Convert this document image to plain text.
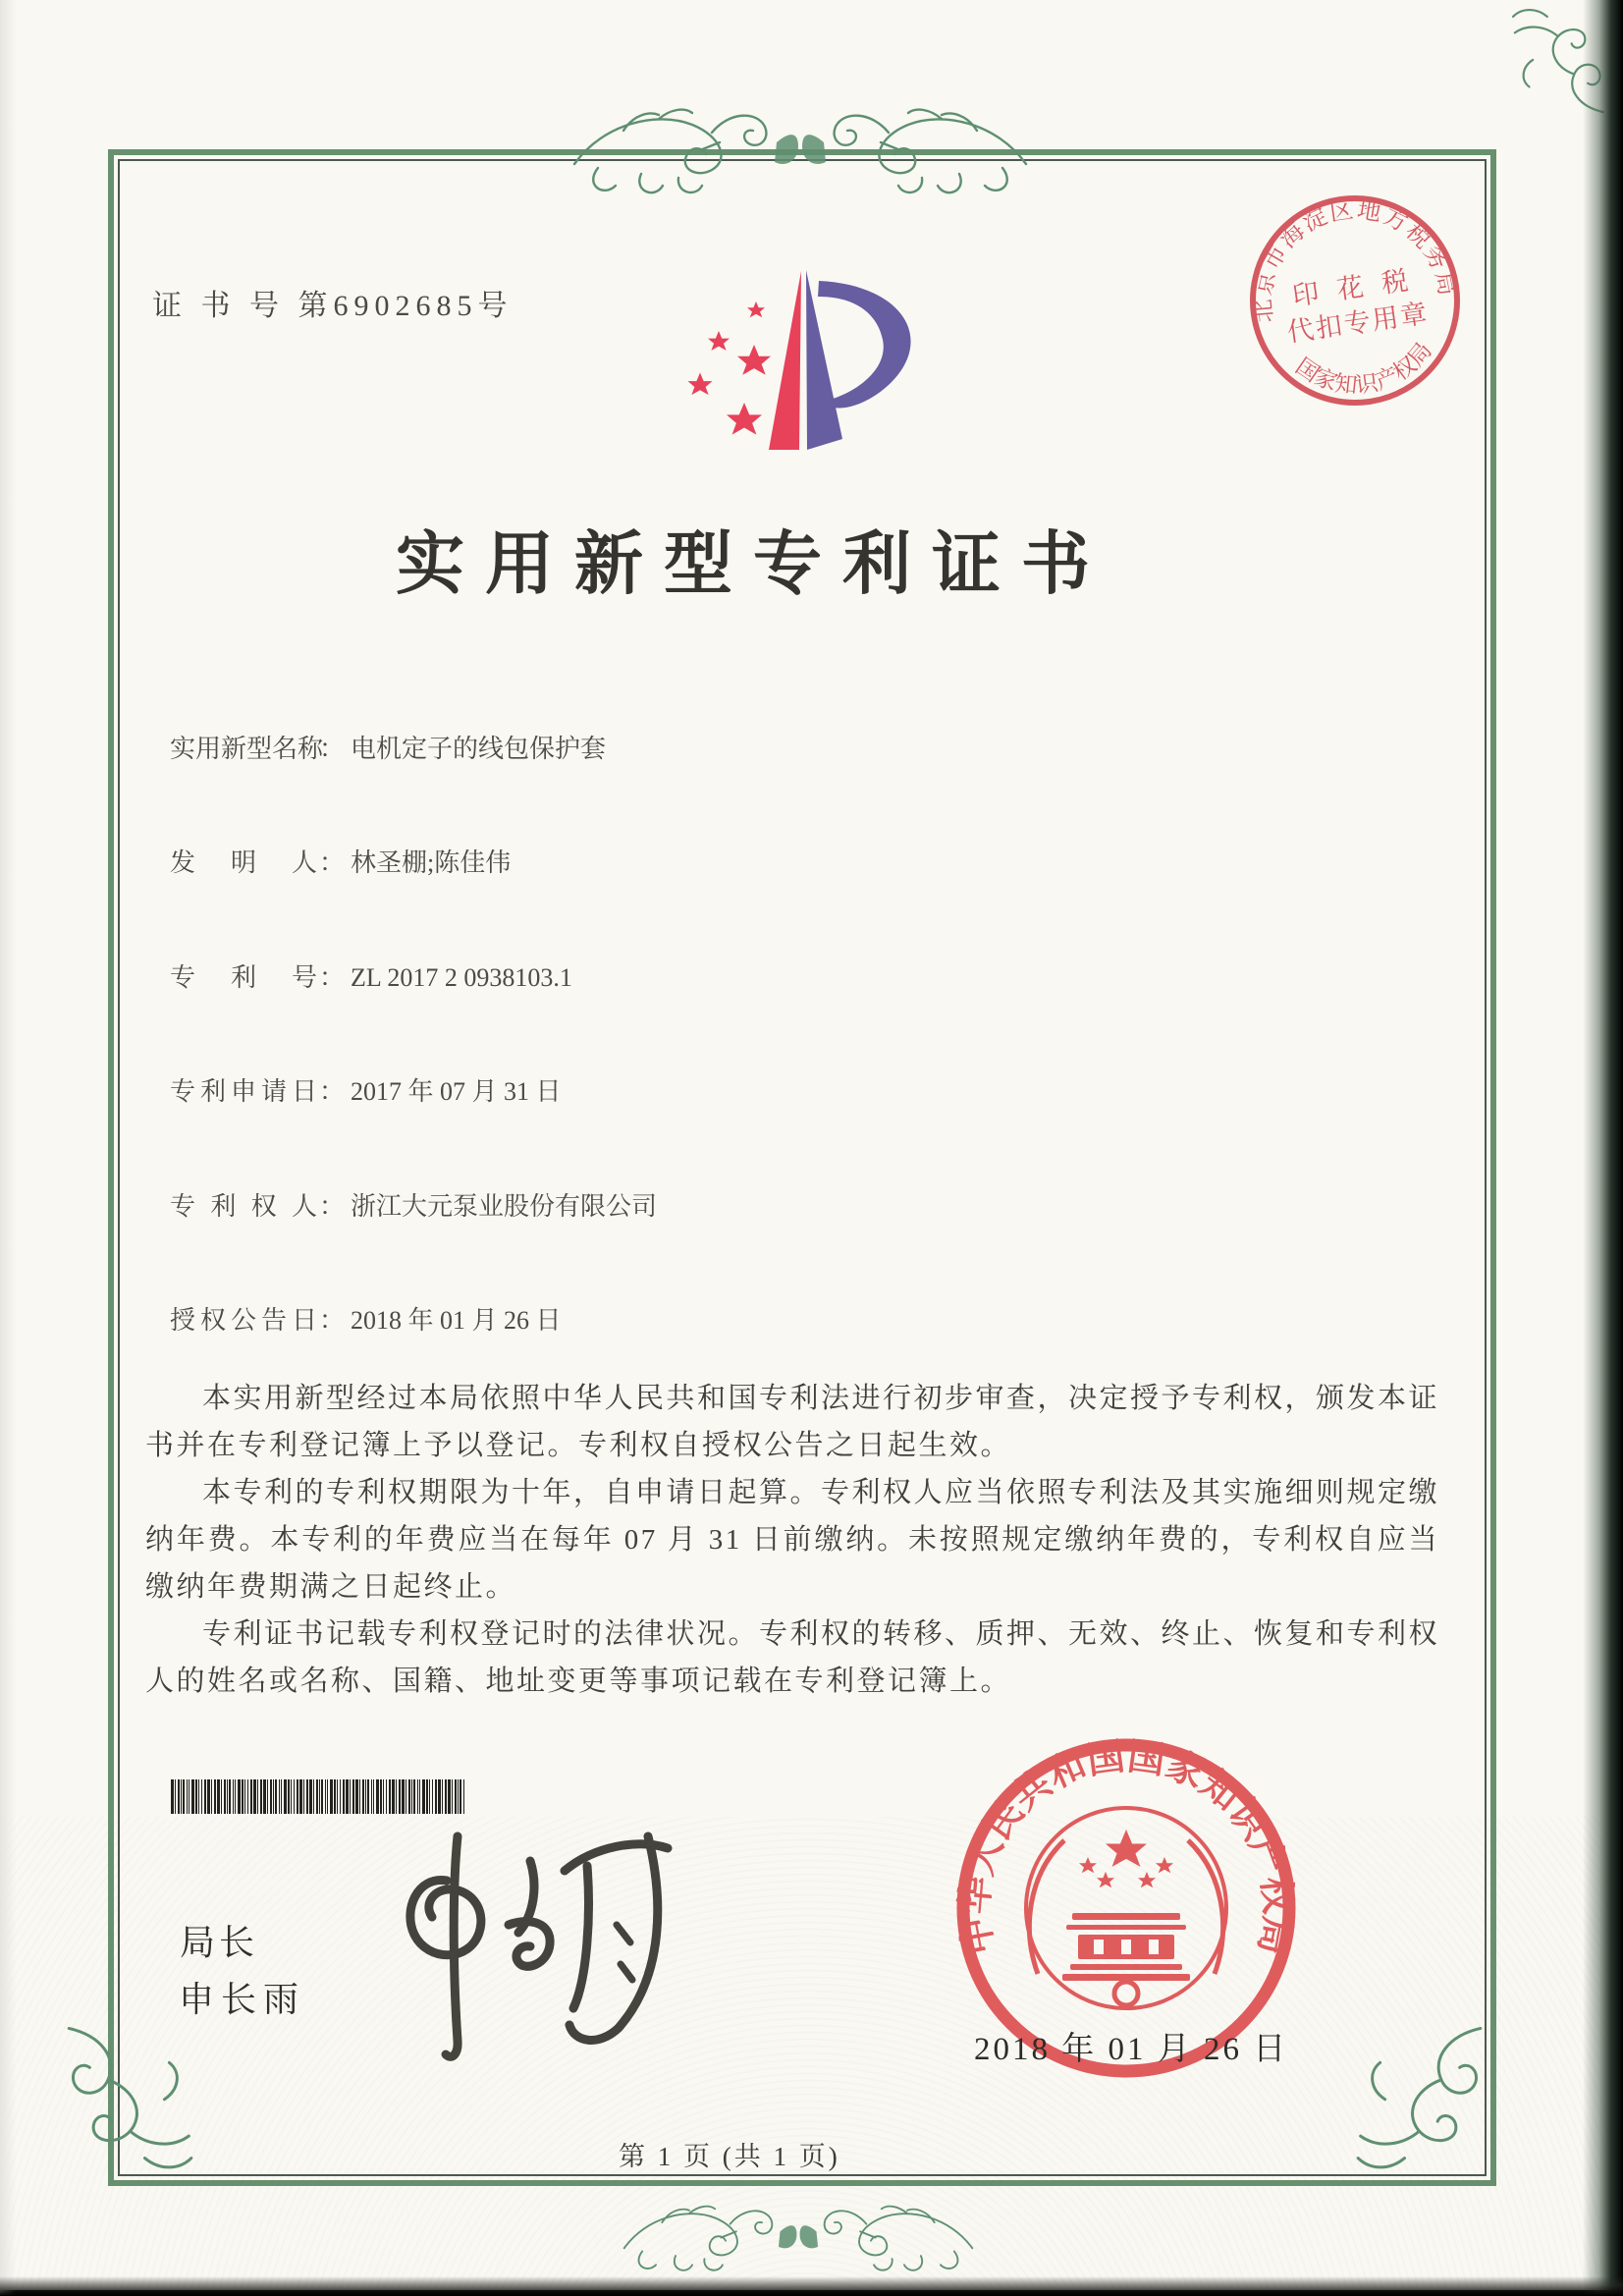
证 书 号 第6902685号	北京市海淀区地方税务局
国家知识产权局
印 花 税
代扣专用章
实用新型专利证书
实用新型名称： 电机定子的线包保护套
发明人： 林圣棚;陈佳伟
专利号： ZL 2017 2 0938103.1
专利申请日： 2017 年 07 月 31 日
专利权人： 浙江大元泵业股份有限公司
授权公告日： 2018 年 01 月 26 日

本实用新型经过本局依照中华人民共和国专利法进行初步审查，决定授予专利权，颁发本证书并在专利登记簿上予以登记。专利权自授权公告之日起生效。

本专利的专利权期限为十年，自申请日起算。专利权人应当依照专利法及其实施细则规定缴纳年费。本专利的年费应当在每年 07 月 31 日前缴纳。未按照规定缴纳年费的，专利权自应当缴纳年费期满之日起终止。

专利证书记载专利权登记时的法律状况。专利权的转移、质押、无效、终止、恢复和专利权人的姓名或名称、国籍、地址变更等事项记载在专利登记簿上。

局长
申长雨
中华人民共和国国家知识产权局
2018 年 01 月 26 日
第 1 页 (共 1 页)
